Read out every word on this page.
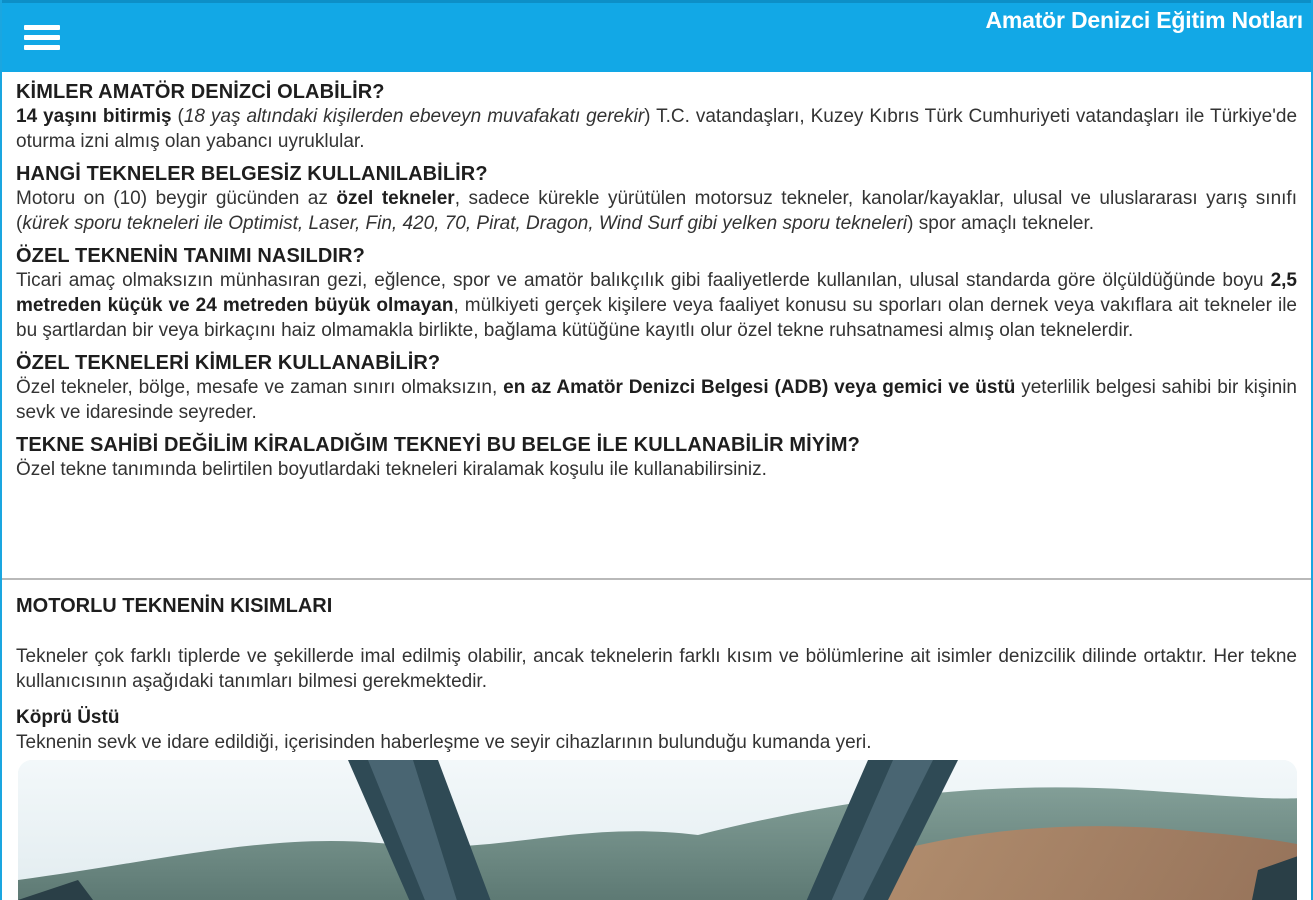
Amatör Denizci Eğitim Notları

KİMLER AMATÖR DENİZCİ OLABİLİR?

14 yaşını bitirmiş (18 yaş altındaki kişilerden ebeveyn muvafakatı gerekir) T.C. vatandaşları, Kuzey Kıbrıs Türk Cumhuriyeti vatandaşları ile Türkiye'de oturma izni almış olan yabancı uyruklular.

HANGİ TEKNELER BELGESİZ KULLANILABİLİR?

Motoru on (10) beygir gücünden az özel tekneler, sadece kürekle yürütülen motorsuz tekneler, kanolar/kayaklar, ulusal ve uluslararası yarış sınıfı (kürek sporu tekneleri ile Optimist, Laser, Fin, 420, 70, Pirat, Dragon, Wind Surf gibi yelken sporu tekneleri) spor amaçlı tekneler.

ÖZEL TEKNENİN TANIMI NASILDIR?

Ticari amaç olmaksızın münhasıran gezi, eğlence, spor ve amatör balıkçılık gibi faaliyetlerde kullanılan, ulusal standarda göre ölçüldüğünde boyu 2,5 metreden küçük ve 24 metreden büyük olmayan, mülkiyeti gerçek kişilere veya faaliyet konusu su sporları olan dernek veya vakıflara ait tekneler ile bu şartlardan bir veya birkaçını haiz olmamakla birlikte, bağlama kütüğüne kayıtlı olur özel tekne ruhsatnamesi almış olan teknelerdir.

ÖZEL TEKNELERİ KİMLER KULLANABİLİR?

Özel tekneler, bölge, mesafe ve zaman sınırı olmaksızın, en az Amatör Denizci Belgesi (ADB) veya gemici ve üstü yeterlilik belgesi sahibi bir kişinin sevk ve idaresinde seyreder.

TEKNE SAHİBİ DEĞİLİM KİRALADIĞIM TEKNEYİ BU BELGE İLE KULLANABİLİR MİYİM?

Özel tekne tanımında belirtilen boyutlardaki tekneleri kiralamak koşulu ile kullanabilirsiniz.

MOTORLU TEKNENİN KISIMLARI

Tekneler çok farklı tiplerde ve şekillerde imal edilmiş olabilir, ancak teknelerin farklı kısım ve bölümlerine ait isimler denizcilik dilinde ortaktır. Her tekne kullanıcısının aşağıdaki tanımları bilmesi gerekmektedir.

Köprü Üstü

Teknenin sevk ve idare edildiği, içerisinden haberleşme ve seyir cihazlarının bulunduğu kumanda yeri.
